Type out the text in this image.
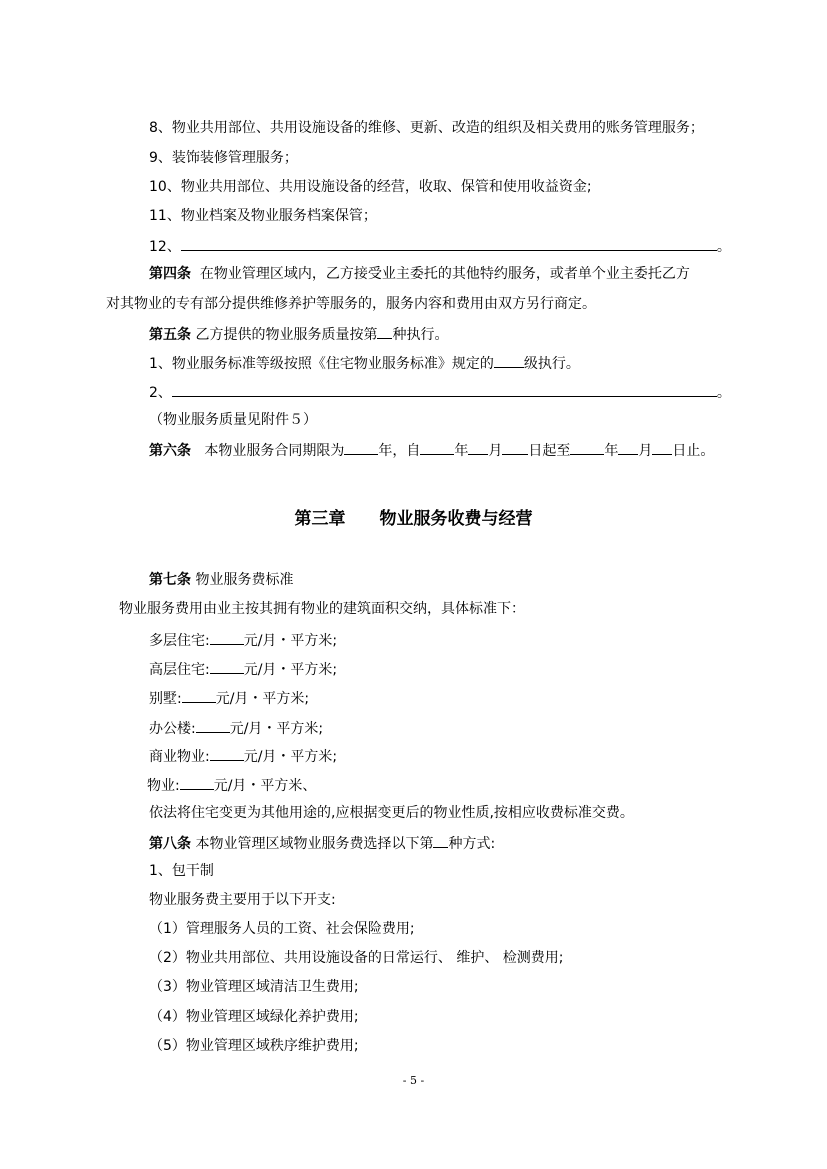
8、物业共用部位、共用设施设备的维修、更新、改造的组织及相关费用的账务管理服务；
9、装饰装修管理服务；
10、物业共用部位、共用设施设备的经营，收取、保管和使用收益资金;
11、物业档案及物业服务档案保管；
12、	。
第四条 在物业管理区域内，乙方接受业主委托的其他特约服务，或者单个业主委托乙方
对其物业的专有部分提供维修养护等服务的，服务内容和费用由双方另行商定。
第五条 乙方提供的物业服务质量按第 种执行。
1、物业服务标准等级按照《住宅物业服务标准》规定的 级执行。
2、	。
（物业服务质量见附件５）
第六条 本物业服务合同期限为 年，自 年 月 日起至 年 月 日止。
第三章 物业服务收费与经营
第七条 物业服务费标准
物业服务费用由业主按其拥有物业的建筑面积交纳，具体标准下：
多层住宅: 元/月・平方米;
高层住宅: 元/月・平方米;
别墅: 元/月・平方米;
办公楼: 元/月・平方米;
商业物业: 元/月・平方米;
物业: 元/月・平方米、
依法将住宅变更为其他用途的,应根据变更后的物业性质,按相应收费标准交费。
第八条 本物业管理区域物业服务费选择以下第 种方式:
1、包干制
物业服务费主要用于以下开支:
（1）管理服务人员的工资、社会保险费用;
（2）物业共用部位、共用设施设备的日常运行、 维护、 检测费用;
（3）物业管理区域清洁卫生费用;
（4）物业管理区域绿化养护费用;
（5）物业管理区域秩序维护费用;
- 5 -
